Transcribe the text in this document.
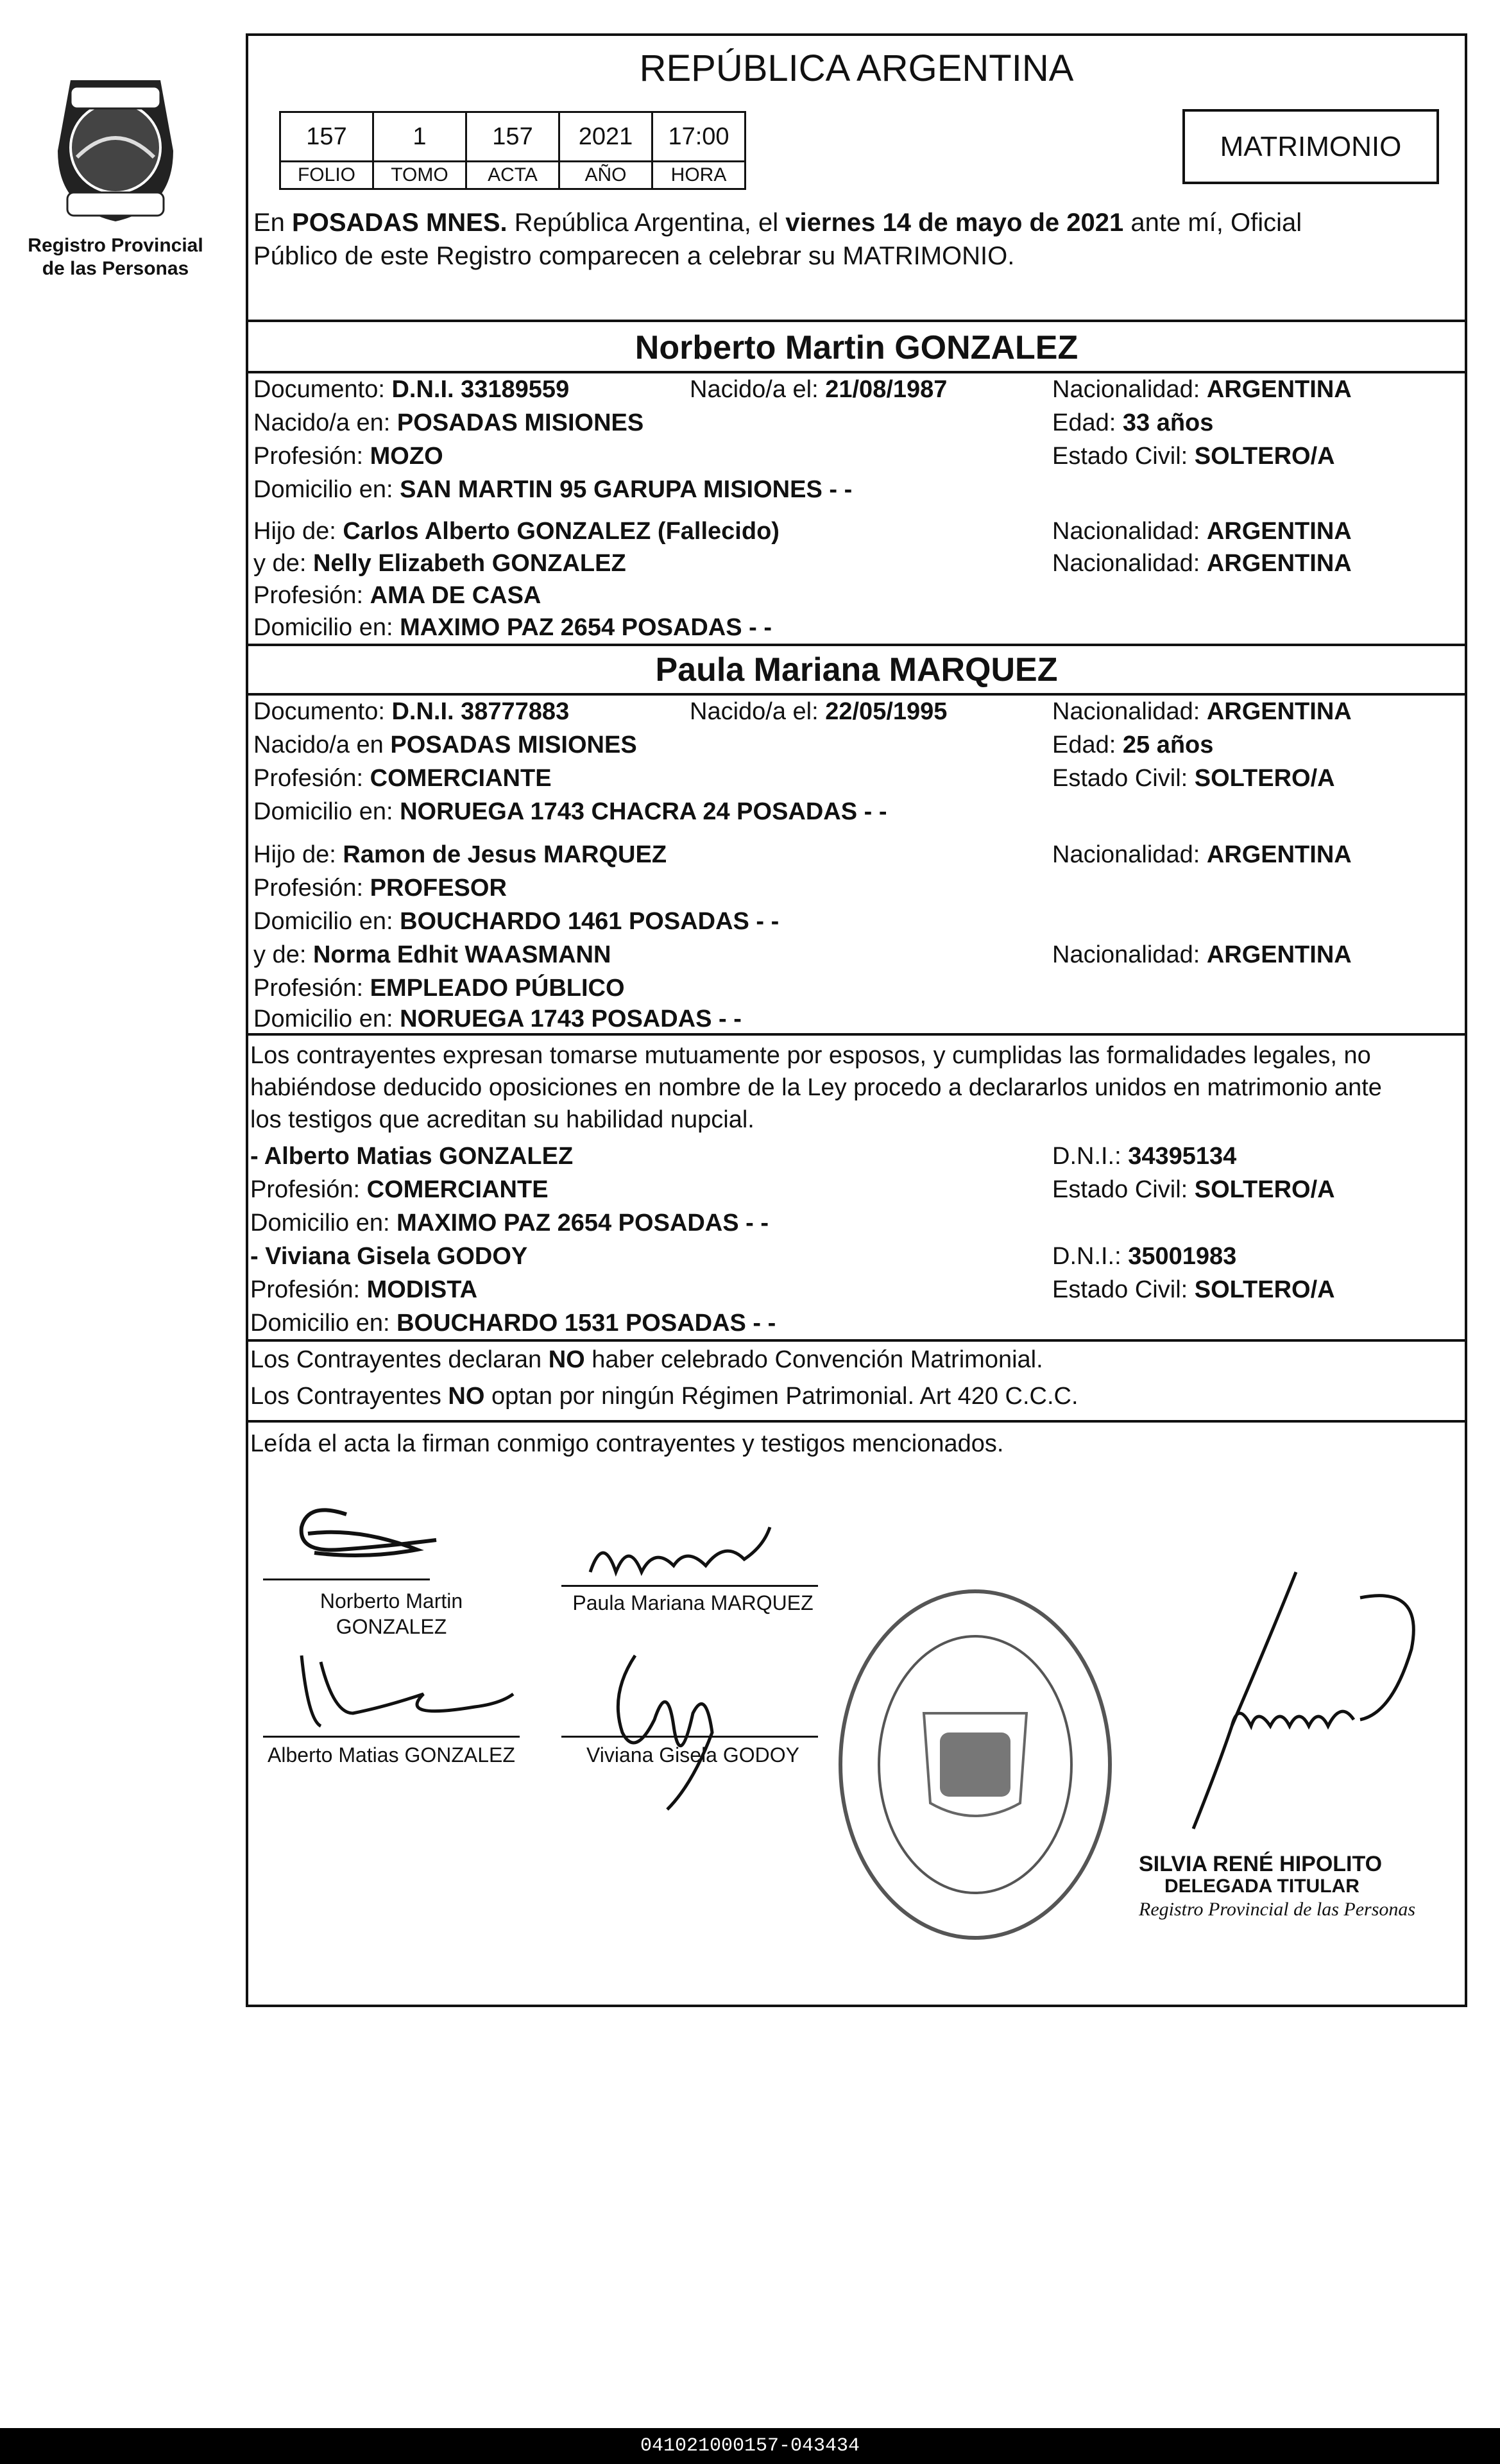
Registro Provincial
de las Personas
REPÚBLICA ARGENTINA
157	1	157	2021	17:00
FOLIO	TOMO	ACTA	AÑO	HORA
MATRIMONIO
En POSADAS MNES. República Argentina, el viernes 14 de mayo de 2021 ante mí, Oficial
Público de este Registro comparecen a celebrar su MATRIMONIO.
Norberto Martin GONZALEZ
Documento: D.N.I. 33189559	Nacido/a el: 21/08/1987	Nacionalidad: ARGENTINA
Nacido/a en: POSADAS MISIONES	Edad: 33 años
Profesión: MOZO	Estado Civil: SOLTERO/A
Domicilio en: SAN MARTIN 95 GARUPA MISIONES - -
Hijo de: Carlos Alberto GONZALEZ (Fallecido)	Nacionalidad: ARGENTINA
y de: Nelly Elizabeth GONZALEZ	Nacionalidad: ARGENTINA
Profesión: AMA DE CASA
Domicilio en: MAXIMO PAZ 2654 POSADAS - -
Paula Mariana MARQUEZ
Documento: D.N.I. 38777883	Nacido/a el: 22/05/1995	Nacionalidad: ARGENTINA
Nacido/a en POSADAS MISIONES	Edad: 25 años
Profesión: COMERCIANTE	Estado Civil: SOLTERO/A
Domicilio en: NORUEGA 1743 CHACRA 24 POSADAS - -
Hijo de: Ramon de Jesus MARQUEZ	Nacionalidad: ARGENTINA
Profesión: PROFESOR
Domicilio en: BOUCHARDO 1461 POSADAS - -
y de: Norma Edhit WAASMANN	Nacionalidad: ARGENTINA
Profesión: EMPLEADO PÚBLICO
Domicilio en: NORUEGA 1743 POSADAS - -
Los contrayentes expresan tomarse mutuamente por esposos, y cumplidas las formalidades legales, no
habiéndose deducido oposiciones en nombre de la Ley procedo a declararlos unidos en matrimonio ante
los testigos que acreditan su habilidad nupcial.
- Alberto Matias GONZALEZ	D.N.I.: 34395134
Profesión: COMERCIANTE	Estado Civil: SOLTERO/A
Domicilio en: MAXIMO PAZ 2654 POSADAS - -
- Viviana Gisela GODOY	D.N.I.: 35001983
Profesión: MODISTA	Estado Civil: SOLTERO/A
Domicilio en: BOUCHARDO 1531 POSADAS - -
Los Contrayentes declaran NO haber celebrado Convención Matrimonial.
Los Contrayentes NO optan por ningún Régimen Patrimonial. Art 420 C.C.C.
Leída el acta la firman conmigo contrayentes y testigos mencionados.
Norberto Martin
GONZALEZ
Paula Mariana MARQUEZ
Alberto Matias GONZALEZ	Viviana Gisela GODOY
SILVIA RENÉ HIPOLITO
DELEGADA TITULAR
Registro Provincial de las Personas
041021000157-043434
